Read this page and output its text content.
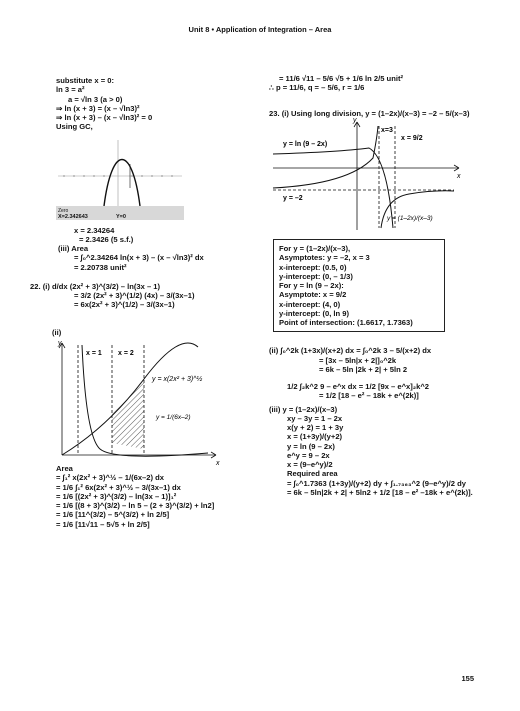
Unit 8 • Application of Integration – Area
substitute x = 0:
ln 3 = a²
a = √ln 3 (a > 0)
⇒ ln (x + 3) = (x – √ln3)²
⇒ ln (x + 3) – (x – √ln3)² = 0
Using GC,
Zero
X=2.342643	Y=0
x = 2.34264
= 2.3426 (5 s.f.)
(iii) Area
= ∫₀^2.34264 ln(x + 3) – (x – √ln3)² dx
= 2.20738 unit²
22. (i) d/dx (2x² + 3)^(3/2) – ln(3x – 1)
= 3/2 (2x² + 3)^(1/2) (4x) – 3/(3x–1)
= 6x(2x² + 3)^(1/2) – 3/(3x–1)
(ii)
y
x
x = 1 x = 2
y = x(2x² + 3)^½
y = 1/(6x–2)
Area
= ∫₁² x(2x² + 3)^½ – 1/(6x–2) dx
= 1/6 ∫₁² 6x(2x² + 3)^½ – 3/(3x–1) dx
= 1/6 [(2x² + 3)^(3/2) – ln(3x – 1)]₁²
= 1/6 [(8 + 3)^(3/2) – ln 5 – (2 + 3)^(3/2) + ln2]
= 1/6 [11^(3/2) – 5^(3/2) + ln 2/5]
= 1/6 [11√11 – 5√5 + ln 2/5]
= 11/6 √11 – 5/6 √5 + 1/6 ln 2/5 unit²
∴ p = 11/6, q = – 5/6, r = 1/6
23. (i) Using long division, y = (1–2x)/(x–3) = –2 – 5/(x–3)
y
x
x=3
x = 9/2
y = ln (9 – 2x)
y = –2
y = (1–2x)/(x–3)
For y = (1–2x)/(x–3),
Asymptotes: y = –2, x = 3
x-intercept: (0.5, 0)
y-intercept: (0, – 1/3)
For y = ln (9 – 2x):
Asymptote: x = 9/2
x-intercept: (4, 0)
y-intercept: (0, ln 9)
Point of intersection: (1.6617, 1.7363)
(ii) ∫₀^2k (1+3x)/(x+2) dx = ∫₀^2k 3 – 5/(x+2) dx
= [3x – 5ln|x + 2|]₀^2k
= 6k – 5ln |2k + 2| + 5ln 2
1/2 ∫₂k^2 9 – e^x dx = 1/2 [9x – e^x]₂k^2
= 1/2 [18 – e² – 18k + e^(2k)]
(iii) y = (1–2x)/(x–3)
xy – 3y = 1 – 2x
x(y + 2) = 1 + 3y
x = (1+3y)/(y+2)
y = ln (9 – 2x)
e^y = 9 – 2x
x = (9–e^y)/2
Required area
= ∫₀^1.7363 (1+3y)/(y+2) dy + ∫₁.₇₃₆₃^2 (9–e^y)/2 dy
= 6k – 5ln|2k + 2| + 5ln2 + 1/2 [18 – e² –18k + e^(2k)].
155
